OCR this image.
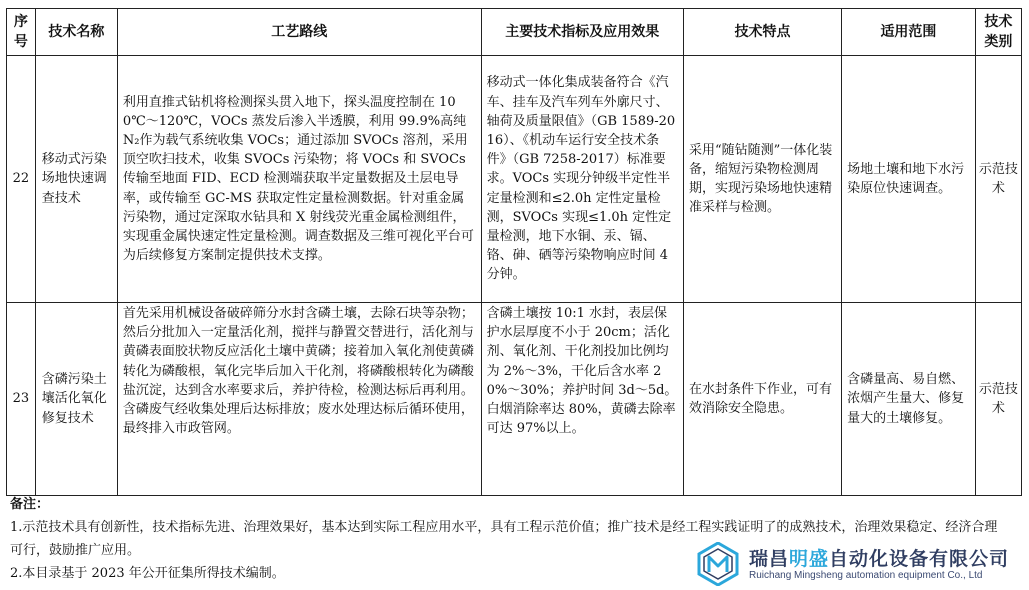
序号	技术名称	工艺路线	主要技术指标及应用效果	技术特点	适用范围	技术类别
22	移动式污染场地快速调查技术	利用直推式钻机将检测探头贯入地下，探头温度控制在 100℃～120℃，VOCs 蒸发后渗入半透膜，利用 99.9%高纯 N₂作为载气系统收集 VOCs；通过添加 SVOCs 溶剂，采用顶空吹扫技术，收集 SVOCs 污染物；将 VOCs 和 SVOCs 传输至地面 FID、ECD 检测端获取半定量数据及土层电导率，或传输至 GC-MS 获取定性定量检测数据。针对重金属污染物，通过定深取水钻具和 X 射线荧光重金属检测组件，实现重金属快速定性定量检测。调查数据及三维可视化平台可为后续修复方案制定提供技术支撑。	移动式一体化集成装备符合《汽车、挂车及汽车列车外廓尺寸、轴荷及质量限值》（GB 1589-2016）、《机动车运行安全技术条件》（GB 7258-2017）标准要求。VOCs 实现分钟级半定性半定量检测和≤2.0h 定性定量检测，SVOCs 实现≤1.0h 定性定量检测，地下水铜、汞、镉、铬、砷、硒等污染物响应时间 4 分钟。	采用“随钻随测”一体化装备，缩短污染物检测周期，实现污染场地快速精准采样与检测。	场地土壤和地下水污染原位快速调查。	示范技术
23	含磷污染土壤活化氧化修复技术	首先采用机械设备破碎筛分水封含磷土壤，去除石块等杂物；然后分批加入一定量活化剂，搅拌与静置交替进行，活化剂与黄磷表面胶状物反应活化土壤中黄磷；接着加入氧化剂使黄磷转化为磷酸根，氧化完毕后加入干化剂，将磷酸根转化为磷酸盐沉淀，达到含水率要求后，养护待检，检测达标后再利用。含磷废气经收集处理后达标排放；废水处理达标后循环使用，最终排入市政管网。	含磷土壤按 10:1 水封，表层保护水层厚度不小于 20cm；活化剂、氧化剂、干化剂投加比例均为 2%～3%，干化后含水率 20%～30%；养护时间 3d～5d。白烟消除率达 80%，黄磷去除率可达 97%以上。	在水封条件下作业，可有效消除安全隐患。	含磷量高、易自燃、浓烟产生量大、修复量大的土壤修复。	示范技术
备注：
1.示范技术具有创新性，技术指标先进、治理效果好，基本达到实际工程应用水平，具有工程示范价值；推广技术是经工程实践证明了的成熟技术，治理效果稳定、经济合理可行，鼓励推广应用。
2.本目录基于 2023 年公开征集所得技术编制。
瑞昌明盛自动化设备有限公司
Ruichang Mingsheng automation equipment Co., Ltd
